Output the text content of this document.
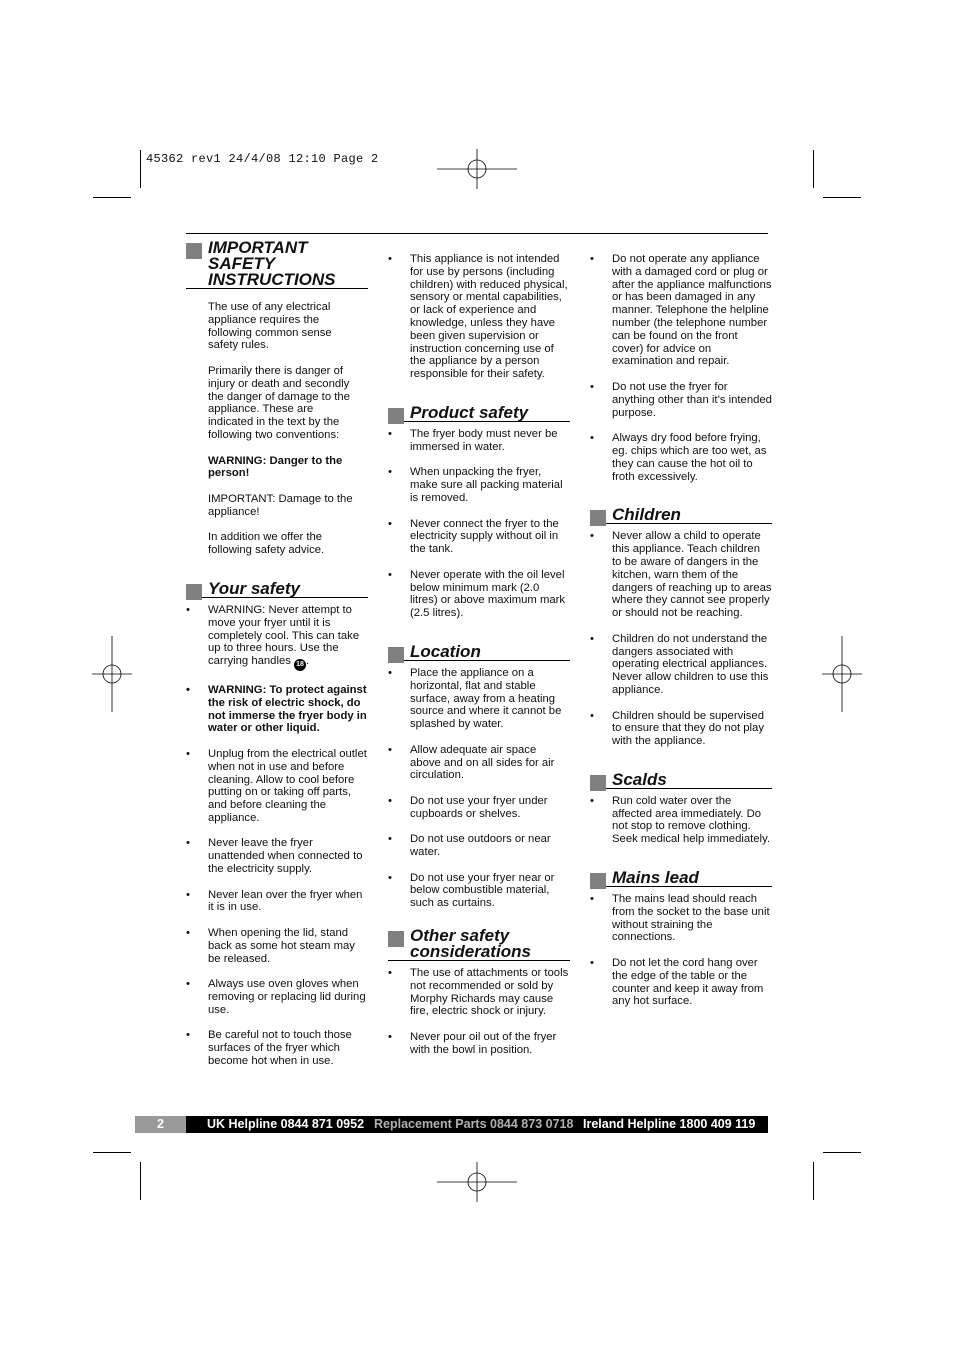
45362 rev1 24/4/08 12:10 Page 2
IMPORTANT SAFETY INSTRUCTIONS

The use of any electrical appliance requires the following common sense safety rules.

Primarily there is danger of injury or death and secondly the danger of damage to the appliance. These are indicated in the text by the following two conventions:

WARNING: Danger to the person!

IMPORTANT: Damage to the appliance!

In addition we offer the following safety advice.

Your safety
• WARNING: Never attempt to move your fryer until it is completely cool. This can take up to three hours. Use the carrying handles 18 .
• WARNING: To protect against the risk of electric shock, do not immerse the fryer body in water or other liquid.
• Unplug from the electrical outlet when not in use and before cleaning. Allow to cool before putting on or taking off parts, and before cleaning the appliance.
• Never leave the fryer unattended when connected to the electricity supply.
• Never lean over the fryer when it is in use.
• When opening the lid, stand back as some hot steam may be released.
• Always use oven gloves when removing or replacing lid during use.
• Be careful not to touch those surfaces of the fryer which become hot when in use.
• This appliance is not intended for use by persons (including children) with reduced physical, sensory or mental capabilities, or lack of experience and knowledge, unless they have been given supervision or instruction concerning use of the appliance by a person responsible for their safety.
Product safety
• The fryer body must never be immersed in water.
• When unpacking the fryer, make sure all packing material is removed.
• Never connect the fryer to the electricity supply without oil in the tank.
• Never operate with the oil level below minimum mark (2.0 litres) or above maximum mark (2.5 litres).
Location
• Place the appliance on a horizontal, flat and stable surface, away from a heating source and where it cannot be splashed by water.
• Allow adequate air space above and on all sides for air circulation.
• Do not use your fryer under cupboards or shelves.
• Do not use outdoors or near water.
• Do not use your fryer near or below combustible material, such as curtains.
Other safety considerations
• The use of attachments or tools not recommended or sold by Morphy Richards may cause fire, electric shock or injury.
• Never pour oil out of the fryer with the bowl in position.
• Do not operate any appliance with a damaged cord or plug or after the appliance malfunctions or has been damaged in any manner. Telephone the helpline number (the telephone number can be found on the front cover) for advice on examination and repair.
• Do not use the fryer for anything other than it’s intended purpose.
• Always dry food before frying, eg. chips which are too wet, as they can cause the hot oil to froth excessively.
Children
• Never allow a child to operate this appliance. Teach children to be aware of dangers in the kitchen, warn them of the dangers of reaching up to areas where they cannot see properly or should not be reaching.
• Children do not understand the dangers associated with operating electrical appliances. Never allow children to use this appliance.
• Children should be supervised to ensure that they do not play with the appliance.
Scalds
• Run cold water over the affected area immediately. Do not stop to remove clothing. Seek medical help immediately.
Mains lead
• The mains lead should reach from the socket to the base unit without straining the connections.
• Do not let the cord hang over the edge of the table or the counter and keep it away from any hot surface.
2	UK Helpline 0844 871 0952 Replacement Parts 0844 873 0718 Ireland Helpline 1800 409 119
